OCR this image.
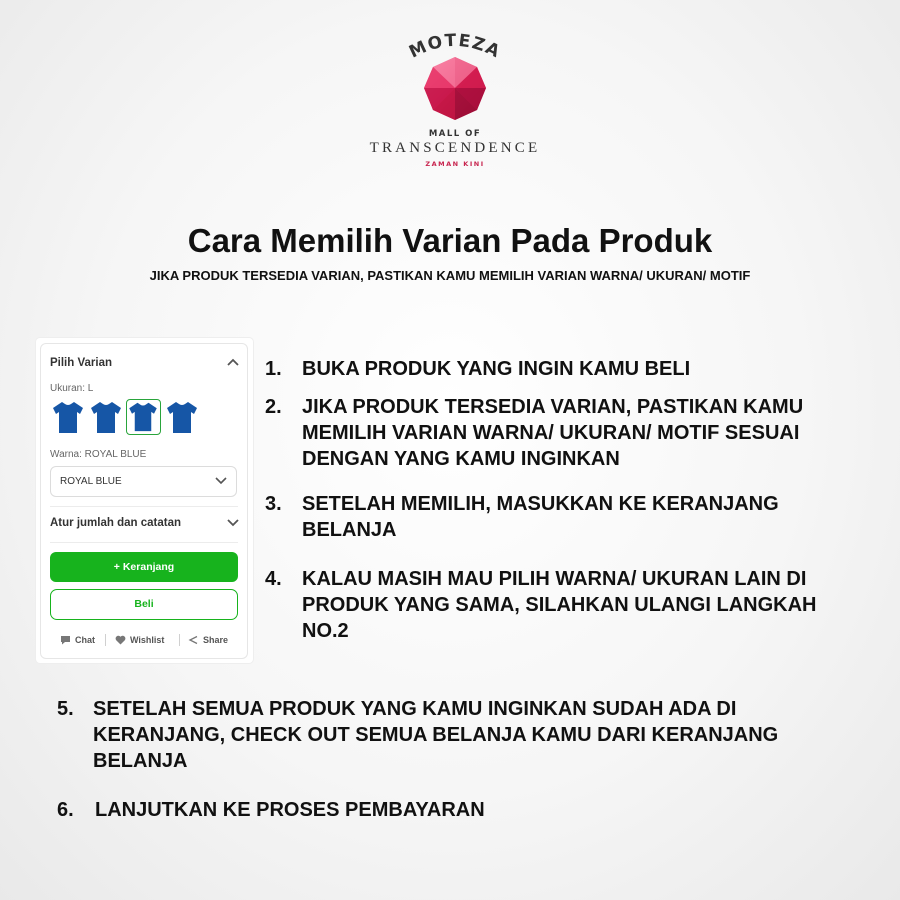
MOTEZA
MALL OF
TRANSCENDENCE
ZAMAN KINI
Cara Memilih Varian Pada Produk
JIKA PRODUK TERSEDIA VARIAN, PASTIKAN KAMU MEMILIH VARIAN WARNA/ UKURAN/ MOTIF
Pilih Varian
Ukuran: L
Warna: ROYAL BLUE
ROYAL BLUE
Atur jumlah dan catatan
+ Keranjang
Beli
Chat	Wishlist	Share
1.	BUKA PRODUK YANG INGIN KAMU BELI
2.	JIKA PRODUK TERSEDIA VARIAN, PASTIKAN KAMU MEMILIH VARIAN WARNA/ UKURAN/ MOTIF SESUAI DENGAN YANG KAMU INGINKAN
3.	SETELAH MEMILIH, MASUKKAN KE KERANJANG BELANJA
4.	KALAU MASIH MAU PILIH WARNA/ UKURAN LAIN DI PRODUK YANG SAMA, SILAHKAN ULANGI LANGKAH NO.2
5. SETELAH SEMUA PRODUK YANG KAMU INGINKAN SUDAH ADA DI KERANJANG, CHECK OUT SEMUA BELANJA KAMU DARI KERANJANG BELANJA
6.	LANJUTKAN KE PROSES PEMBAYARAN
